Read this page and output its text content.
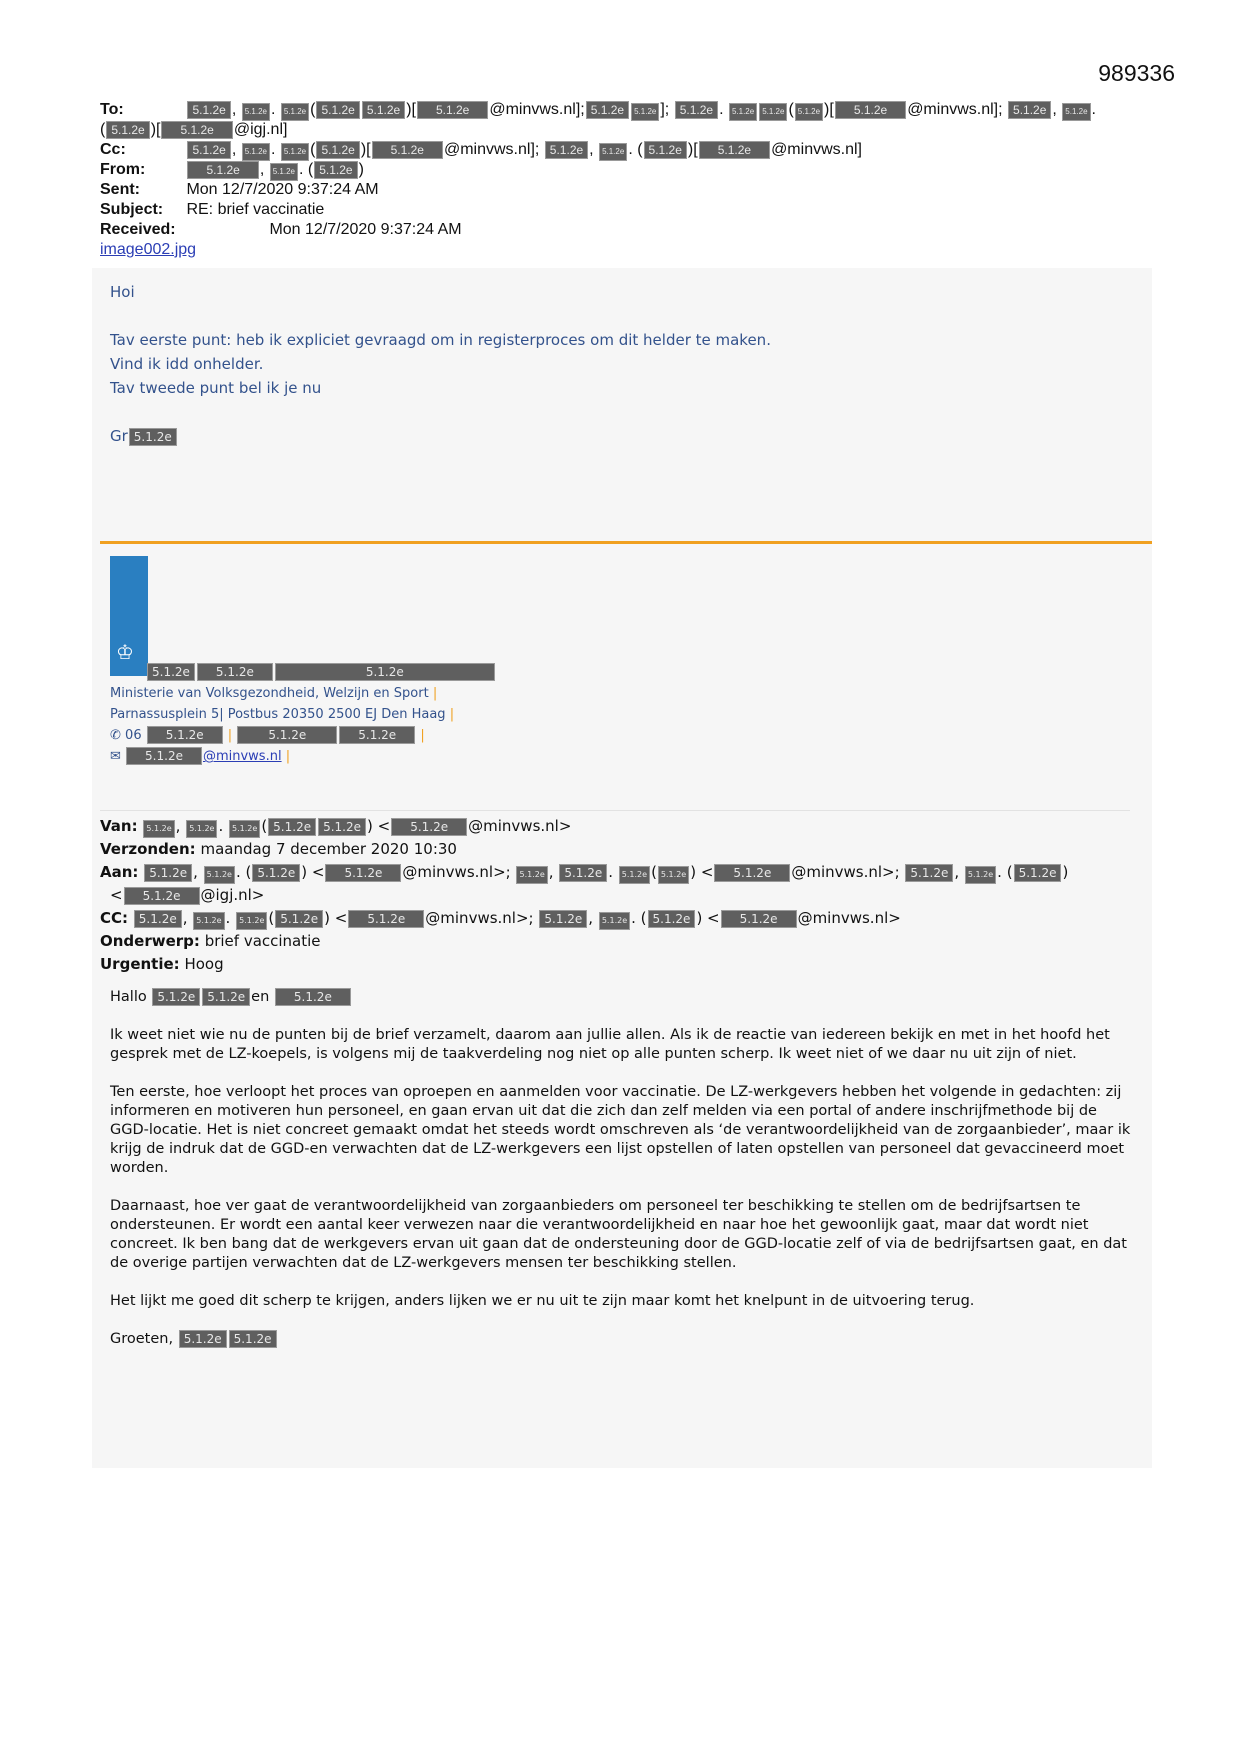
989336
To:	5.1.2e , 5.1.2e . 5.1.2e ( 5.1.2e 5.1.2e )[ 5.1.2e @minvws.nl]; 5.1.2e 5.1.2e ]; 5.1.2e . 5.1.2e 5.1.2e ( 5.1.2e )[ 5.1.2e @minvws.nl]; 5.1.2e , 5.1.2e .
( 5.1.2e )[ 5.1.2e @igj.nl]
Cc:	5.1.2e , 5.1.2e . 5.1.2e ( 5.1.2e )[ 5.1.2e @minvws.nl]; 5.1.2e , 5.1.2e . ( 5.1.2e )[ 5.1.2e @minvws.nl]
From:	5.1.2e , 5.1.2e . ( 5.1.2e )
Sent:	Mon 12/7/2020 9:37:24 AM
Subject: RE: brief vaccinatie
Received:	Mon 12/7/2020 9:37:24 AM
image002.jpg

Hoi

Tav eerste punt: heb ik expliciet gevraagd om in registerproces om dit helder te maken.

Vind ik idd onhelder.

Tav tweede punt bel ik je nu

Gr 5.1.2e

♔
5.1.2e 5.1.2e	5.1.2e
Ministerie van Volksgezondheid, Welzijn en Sport |
Parnassusplein 5| Postbus 20350 2500 EJ Den Haag |
✆ 06 5.1.2e |	5.1.2e	5.1.2e |
✉ 5.1.2e @minvws.nl |
Van: 5.1.2e , 5.1.2e . 5.1.2e ( 5.1.2e 5.1.2e ) < 5.1.2e @minvws.nl>
Verzonden: maandag 7 december 2020 10:30
Aan: 5.1.2e , 5.1.2e . ( 5.1.2e ) < 5.1.2e @minvws.nl>; 5.1.2e , 5.1.2e . 5.1.2e ( 5.1.2e ) < 5.1.2e @minvws.nl>; 5.1.2e , 5.1.2e . ( 5.1.2e )
< 5.1.2e @igj.nl>
CC: 5.1.2e , 5.1.2e . 5.1.2e ( 5.1.2e ) < 5.1.2e @minvws.nl>; 5.1.2e , 5.1.2e . ( 5.1.2e ) < 5.1.2e @minvws.nl>
Onderwerp: brief vaccinatie
Urgentie: Hoog

Hallo 5.1.2e 5.1.2e en 5.1.2e

Ik weet niet wie nu de punten bij de brief verzamelt, daarom aan jullie allen. Als ik de reactie van iedereen bekijk en met in het hoofd het gesprek met de LZ-koepels, is volgens mij de taakverdeling nog niet op alle punten scherp. Ik weet niet of we daar nu uit zijn of niet.

Ten eerste, hoe verloopt het proces van oproepen en aanmelden voor vaccinatie. De LZ-werkgevers hebben het volgende in gedachten: zij informeren en motiveren hun personeel, en gaan ervan uit dat die zich dan zelf melden via een portal of andere inschrijfmethode bij de GGD-locatie. Het is niet concreet gemaakt omdat het steeds wordt omschreven als ‘de verantwoordelijkheid van de zorgaanbieder’, maar ik krijg de indruk dat de GGD-en verwachten dat de LZ-werkgevers een lijst opstellen of laten opstellen van personeel dat gevaccineerd moet worden.

Daarnaast, hoe ver gaat de verantwoordelijkheid van zorgaanbieders om personeel ter beschikking te stellen om de bedrijfsartsen te ondersteunen. Er wordt een aantal keer verwezen naar die verantwoordelijkheid en naar hoe het gewoonlijk gaat, maar dat wordt niet concreet. Ik ben bang dat de werkgevers ervan uit gaan dat de ondersteuning door de GGD-locatie zelf of via de bedrijfsartsen gaat, en dat de overige partijen verwachten dat de LZ-werkgevers mensen ter beschikking stellen.

Het lijkt me goed dit scherp te krijgen, anders lijken we er nu uit te zijn maar komt het knelpunt in de uitvoering terug.

Groeten, 5.1.2e 5.1.2e
